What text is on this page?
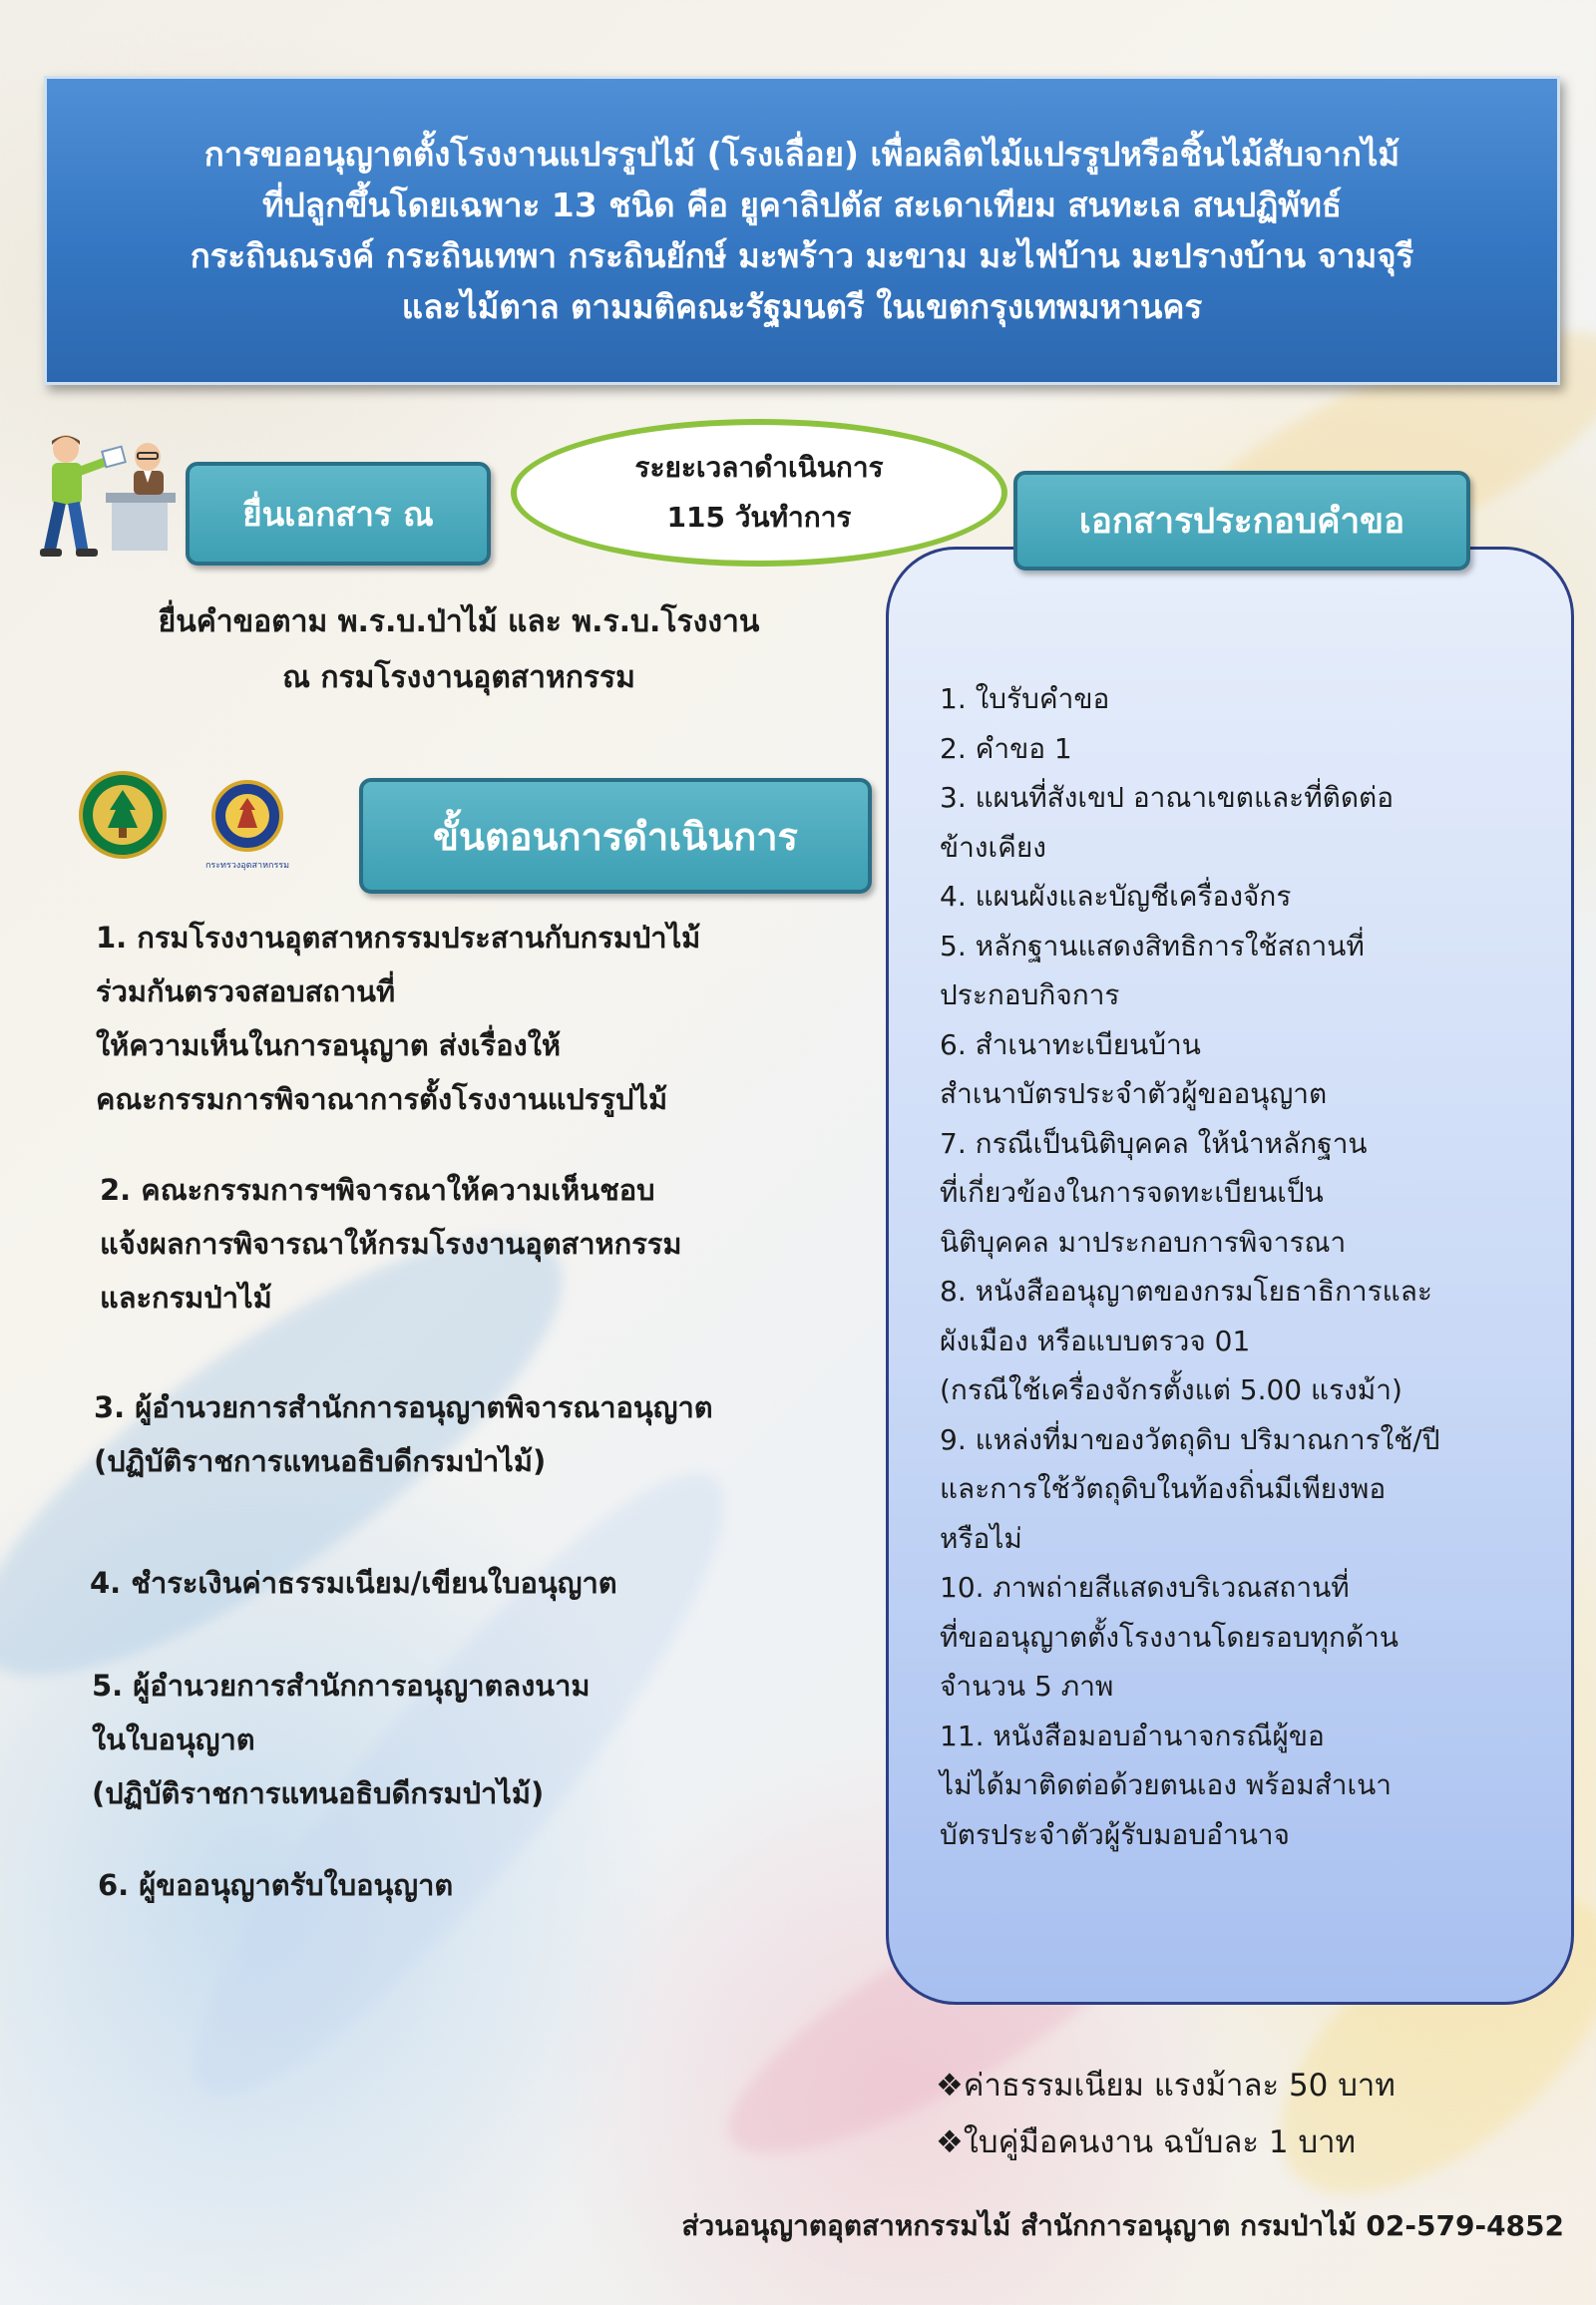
การขออนุญาตตั้งโรงงานแปรรูปไม้ (โรงเลื่อย) เพื่อผลิตไม้แปรรูปหรือชิ้นไม้สับจากไม้
ที่ปลูกขึ้นโดยเฉพาะ 13 ชนิด คือ ยูคาลิปตัส สะเดาเทียม สนทะเล สนปฏิพัทธ์
กระถินณรงค์ กระถินเทพา กระถินยักษ์ มะพร้าว มะขาม มะไฟบ้าน มะปรางบ้าน จามจุรี
และไม้ตาล ตามมติคณะรัฐมนตรี ในเขตกรุงเทพมหานคร

ยื่นเอกสาร ณ
ระยะเวลาดำเนินการ
115 วันทำการ	เอกสารประกอบคำขอ
1. ใบรับคำขอ
2. คำขอ 1
3. แผนที่สังเขป อาณาเขตและที่ติดต่อ
ข้างเคียง
4. แผนผังและบัญชีเครื่องจักร
5. หลักฐานแสดงสิทธิการใช้สถานที่
ประกอบกิจการ
6. สำเนาทะเบียนบ้าน
สำเนาบัตรประจำตัวผู้ขออนุญาต
7. กรณีเป็นนิติบุคคล ให้นำหลักฐาน
ที่เกี่ยวข้องในการจดทะเบียนเป็น
นิติบุคคล มาประกอบการพิจารณา
8. หนังสืออนุญาตของกรมโยธาธิการและ
ผังเมือง หรือแบบตรวจ 01
(กรณีใช้เครื่องจักรตั้งแต่ 5.00 แรงม้า)
9. แหล่งที่มาของวัตถุดิบ ปริมาณการใช้/ปี
และการใช้วัตถุดิบในท้องถิ่นมีเพียงพอ
หรือไม่
10. ภาพถ่ายสีแสดงบริเวณสถานที่
ที่ขออนุญาตตั้งโรงงานโดยรอบทุกด้าน
จำนวน 5 ภาพ
11. หนังสือมอบอำนาจกรณีผู้ขอ
ไม่ได้มาติดต่อด้วยตนเอง พร้อมสำเนา
บัตรประจำตัวผู้รับมอบอำนาจ
ยื่นคำขอตาม พ.ร.บ.ป่าไม้ และ พ.ร.บ.โรงงาน
ณ กรมโรงงานอุตสาหกรรม
กระทรวงอุตสาหกรรม
ขั้นตอนการดำเนินการ
1. กรมโรงงานอุตสาหกรรมประสานกับกรมป่าไม้
ร่วมกันตรวจสอบสถานที่
ให้ความเห็นในการอนุญาต ส่งเรื่องให้
คณะกรรมการพิจาณาการตั้งโรงงานแปรรูปไม้
2. คณะกรรมการฯพิจารณาให้ความเห็นชอบ
แจ้งผลการพิจารณาให้กรมโรงงานอุตสาหกรรม
และกรมป่าไม้
3. ผู้อำนวยการสำนักการอนุญาตพิจารณาอนุญาต
(ปฏิบัติราชการแทนอธิบดีกรมป่าไม้)
4. ชำระเงินค่าธรรมเนียม/เขียนใบอนุญาต
5. ผู้อำนวยการสำนักการอนุญาตลงนาม
ในใบอนุญาต
(ปฏิบัติราชการแทนอธิบดีกรมป่าไม้)
6. ผู้ขออนุญาตรับใบอนุญาต
❖ค่าธรรมเนียม แรงม้าละ 50 บาท
❖ใบคู่มือคนงาน ฉบับละ 1 บาท
ส่วนอนุญาตอุตสาหกรรมไม้ สำนักการอนุญาต กรมป่าไม้ 02-579-4852
